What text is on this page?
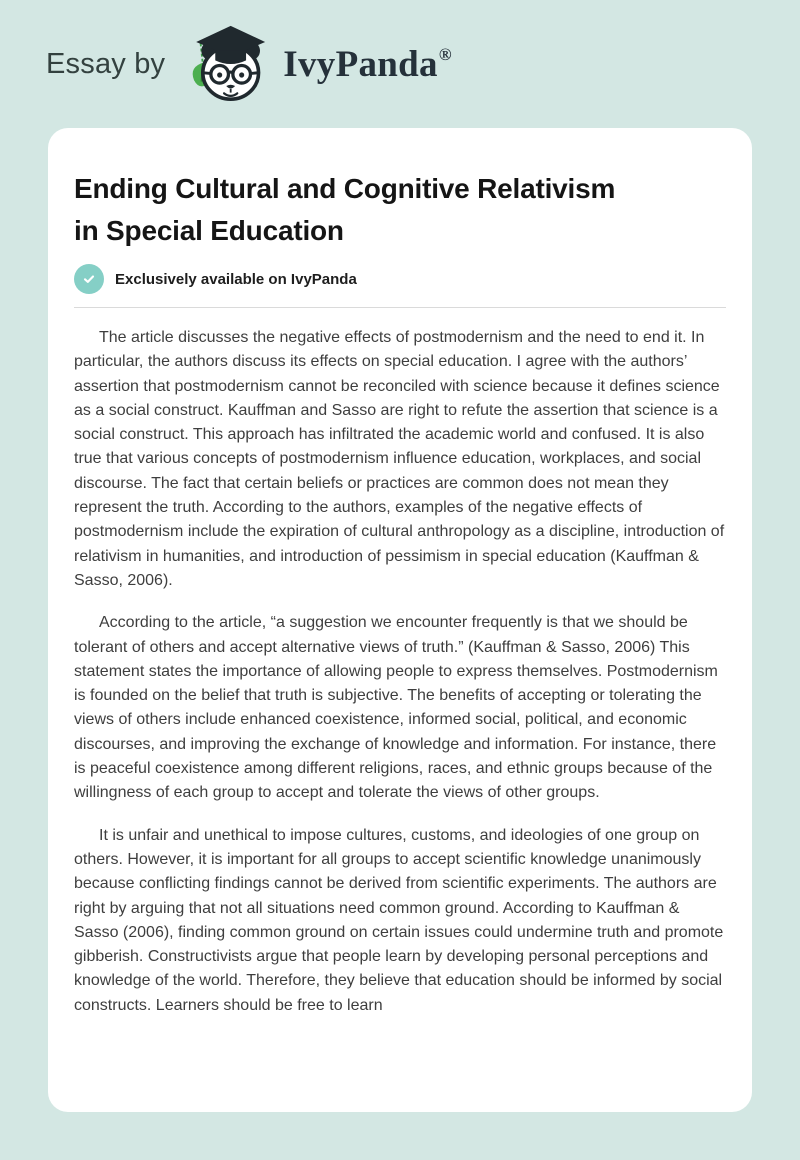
Essay by	IvyPanda®
Ending Cultural and Cognitive Relativism in Special Education
Exclusively available on IvyPanda

The article discusses the negative effects of postmodernism and the need to end it. In particular, the authors discuss its effects on special education. I agree with the authors’ assertion that postmodernism cannot be reconciled with science because it defines science as a social construct. Kauffman and Sasso are right to refute the assertion that science is a social construct. This approach has infiltrated the academic world and confused. It is also true that various concepts of postmodernism influence education, workplaces, and social discourse. The fact that certain beliefs or practices are common does not mean they represent the truth. According to the authors, examples of the negative effects of postmodernism include the expiration of cultural anthropology as a discipline, introduction of relativism in humanities, and introduction of pessimism in special education (Kauffman & Sasso, 2006).

According to the article, “a suggestion we encounter frequently is that we should be tolerant of others and accept alternative views of truth.” (Kauffman & Sasso, 2006) This statement states the importance of allowing people to express themselves. Postmodernism is founded on the belief that truth is subjective. The benefits of accepting or tolerating the views of others include enhanced coexistence, informed social, political, and economic discourses, and improving the exchange of knowledge and information. For instance, there is peaceful coexistence among different religions, races, and ethnic groups because of the willingness of each group to accept and tolerate the views of other groups.

It is unfair and unethical to impose cultures, customs, and ideologies of one group on others. However, it is important for all groups to accept scientific knowledge unanimously because conflicting findings cannot be derived from scientific experiments. The authors are right by arguing that not all situations need common ground. According to Kauffman & Sasso (2006), finding common ground on certain issues could undermine truth and promote gibberish. Constructivists argue that people learn by developing personal perceptions and knowledge of the world. Therefore, they believe that education should be informed by social constructs. Learners should be free to learn
